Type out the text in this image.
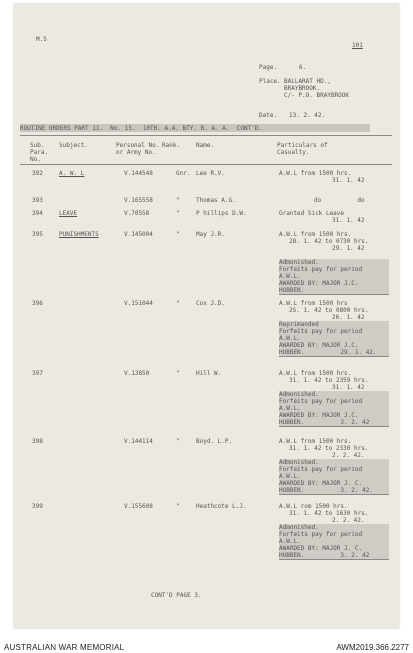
M.5
101
Page.	6.
Place. BALLARAT HD.,
BRAYBROOK.
C/- P.O. BRAYBROOK
Date. 13. 2. 42.
ROUTINE ORDERS PART 11.  No. 15.  10TH. A.A. BTY. R. A. A.  CONT'D.
Sub. Para. No.
Subject.	Personal No. or Army No.
Rank.	Name.	Particulars of Casualty.
CONT'D PAGE 3.
392	A. W. L	V.144548	Gnr. Lee R.V.	A.W.L from 1500 hrs.
31. 1. 42
393	V.165558	"	Thomas A.G.	do          do
394	LEAVE	V.70558	"	P hillips D.W.	Granted Sick Leave
31. 1. 42
395	PUNISHMENTS	V.145004	"	May J.R.	A.W.L from 1500 hrs.
28. 1. 42 to 0730 hrs.
29. 1. 42
Admonished.
Forfeits pay for period
A.W.L.
AWARDED BY: MAJOR J.C.
HUBBEN.
396	V.151044	"	Cox J.D.	A.W.L from 1500 hrs
25. 1. 42 to 0800 hrs.
26. 1. 42
Reprimanded
Forfeits pay for period
A.W.L.
AWARDED BY: MAJOR J.C.
HUBBEN.          29. 1. 42.
397	V.13850	"	Hill W.	A.W.L from 1500 hrs.
31. 1. 42 to 2359 hrs.
31. 1. 42
Admonished.
Forfeits pay for period
A.W.L.
AWARDED BY: MAJOR J.C.
HUBBEN.          3. 2. 42
398	V.144114	"	Boyd. L.P.	A.W.L from 1500 hrs.
31. 1. 42 to 2330 hrs.
2. 2. 42.
Admonished.
Forfeits pay for period
A.W.L.
AWARDED BY: MAJOR J. C.
HUBBEN.          3. 2. 42.
399	V.155608	"	Heathcote L.J.	A.W.L rom 1500 hrs.
31. 1. 42 to 1630 hrs.
2. 2. 42.
Admonished.
Forfeits pay for period
A.W.L.
AWARDED BY: MAJOR J. C.
HUBBEN.          3. 2. 42
AUSTRALIAN WAR MEMORIAL	AWM2019.366.2277
